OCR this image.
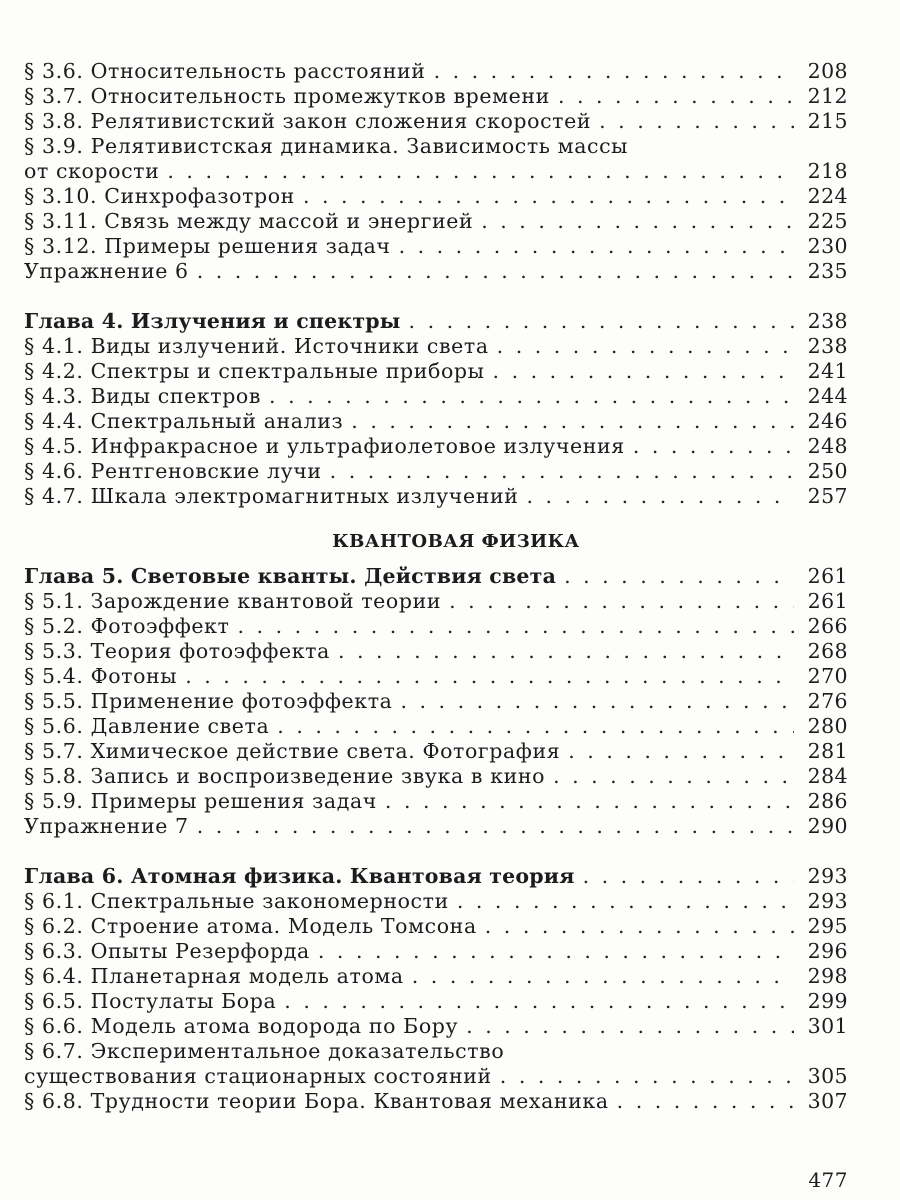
§ 3.6. Относительность расстояний . . .	208
§ 3.7. Относительность промежутков времени . . .	212
§ 3.8. Релятивистский закон сложения скоростей . . .	215
§ 3.9. Релятивистская динамика. Зависимость массы
от скорости . . .	218
§ 3.10. Синхрофазотрон . . .	224
§ 3.11. Связь между массой и энергией . . .	225
§ 3.12. Примеры решения задач . . .	230
Упражнение 6 . . .	235
Глава 4. Излучения и спектры . . .	238
§ 4.1. Виды излучений. Источники света . . .	238
§ 4.2. Спектры и спектральные приборы . . .	241
§ 4.3. Виды спектров . . .	244
§ 4.4. Спектральный анализ . . .	246
§ 4.5. Инфракрасное и ультрафиолетовое излучения . . .	248
§ 4.6. Рентгеновские лучи . . .	250
§ 4.7. Шкала электромагнитных излучений . . .	257
КВАНТОВАЯ ФИЗИКА
Глава 5. Световые кванты. Действия света . . .	261
§ 5.1. Зарождение квантовой теории . . .	261
§ 5.2. Фотоэффект . . .	266
§ 5.3. Теория фотоэффекта . . .	268
§ 5.4. Фотоны . . .	270
§ 5.5. Применение фотоэффекта . . .	276
§ 5.6. Давление света . . .	280
§ 5.7. Химическое действие света. Фотография . . .	281
§ 5.8. Запись и воспроизведение звука в кино . . .	284
§ 5.9. Примеры решения задач . . .	286
Упражнение 7 . . .	290
Глава 6. Атомная физика. Квантовая теория . . .	293
§ 6.1. Спектральные закономерности . . .	293
§ 6.2. Строение атома. Модель Томсона . . .	295
§ 6.3. Опыты Резерфорда . . .	296
§ 6.4. Планетарная модель атома . . .	298
§ 6.5. Постулаты Бора . . .	299
§ 6.6. Модель атома водорода по Бору . . .	301
§ 6.7. Экспериментальное доказательство
существования стационарных состояний . . .	305
§ 6.8. Трудности теории Бора. Квантовая механика . . .	307
477
